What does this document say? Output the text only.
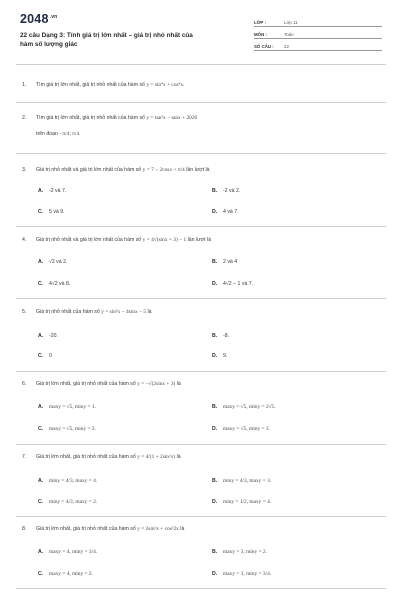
$2048^{.vn}$
22 câu Dạng 3: Tính giá trị lớn nhất – giá trị nhỏ nhất của
hàm số lượng giác
LỚP :	Lớp 11
MÔN :	Toán
SỐ CÂU :	22
1. Tìm giá trị lớn nhất, giá trị nhỏ nhất của hàm số y = sin⁴x + cos⁴x.
2. Tìm giá trị lớn nhất, giá trị nhỏ nhất của hàm số y = tan²x − tanx + 2020
trên đoạn −π/4; π/4.
3. Giá trị nhỏ nhất và giá trị lớn nhất của hàm số y = 7 − 2cosx + π/4 lần lượt là
A. -2 và 7.	B. -2 và 2.
C. 5 và 9.	D. 4 và 7.
4. Giá trị nhỏ nhất và giá trị lớn nhất của hàm số y = 4√(sinx + 3) − 1 lần lượt là
A. √2 và 2.	B. 2 và 4
C. 4√2 và 8.	D. 4√2 − 1 và 7.
5. Giá trị nhỏ nhất của hàm số y = sin²x − 4sinx − 5 là
A. -20.	B. -8.
C. 0	D. 9.
6. Giá trị lớn nhất, giá trị nhỏ nhất của hàm số y = −√(2sinx + 3) là
A. maxy = √5, miny = 1.	B. maxy = √5, miny = 2√5.
C. maxy = √5, miny = 2.	D. maxy = √5, miny = 3.
7. Giá trị lớn nhất, giá trị nhỏ nhất của hàm số y = 4/(1 + 2sin²x) là
A. miny = 4/3, maxy = 4.	B. miny = 4/3, maxy = 3.
C. miny = 4/3, maxy = 2.	D. miny = 1/2, maxy = 4.
8. Giá trị lớn nhất, giá trị nhỏ nhất của hàm số y = 2sin²x + cos²2x là
A. maxy = 4, miny = 3/4.	B. maxy = 3, miny = 2.
C. maxy = 4, miny = 2.	D. maxy = 3, miny = 3/4.
